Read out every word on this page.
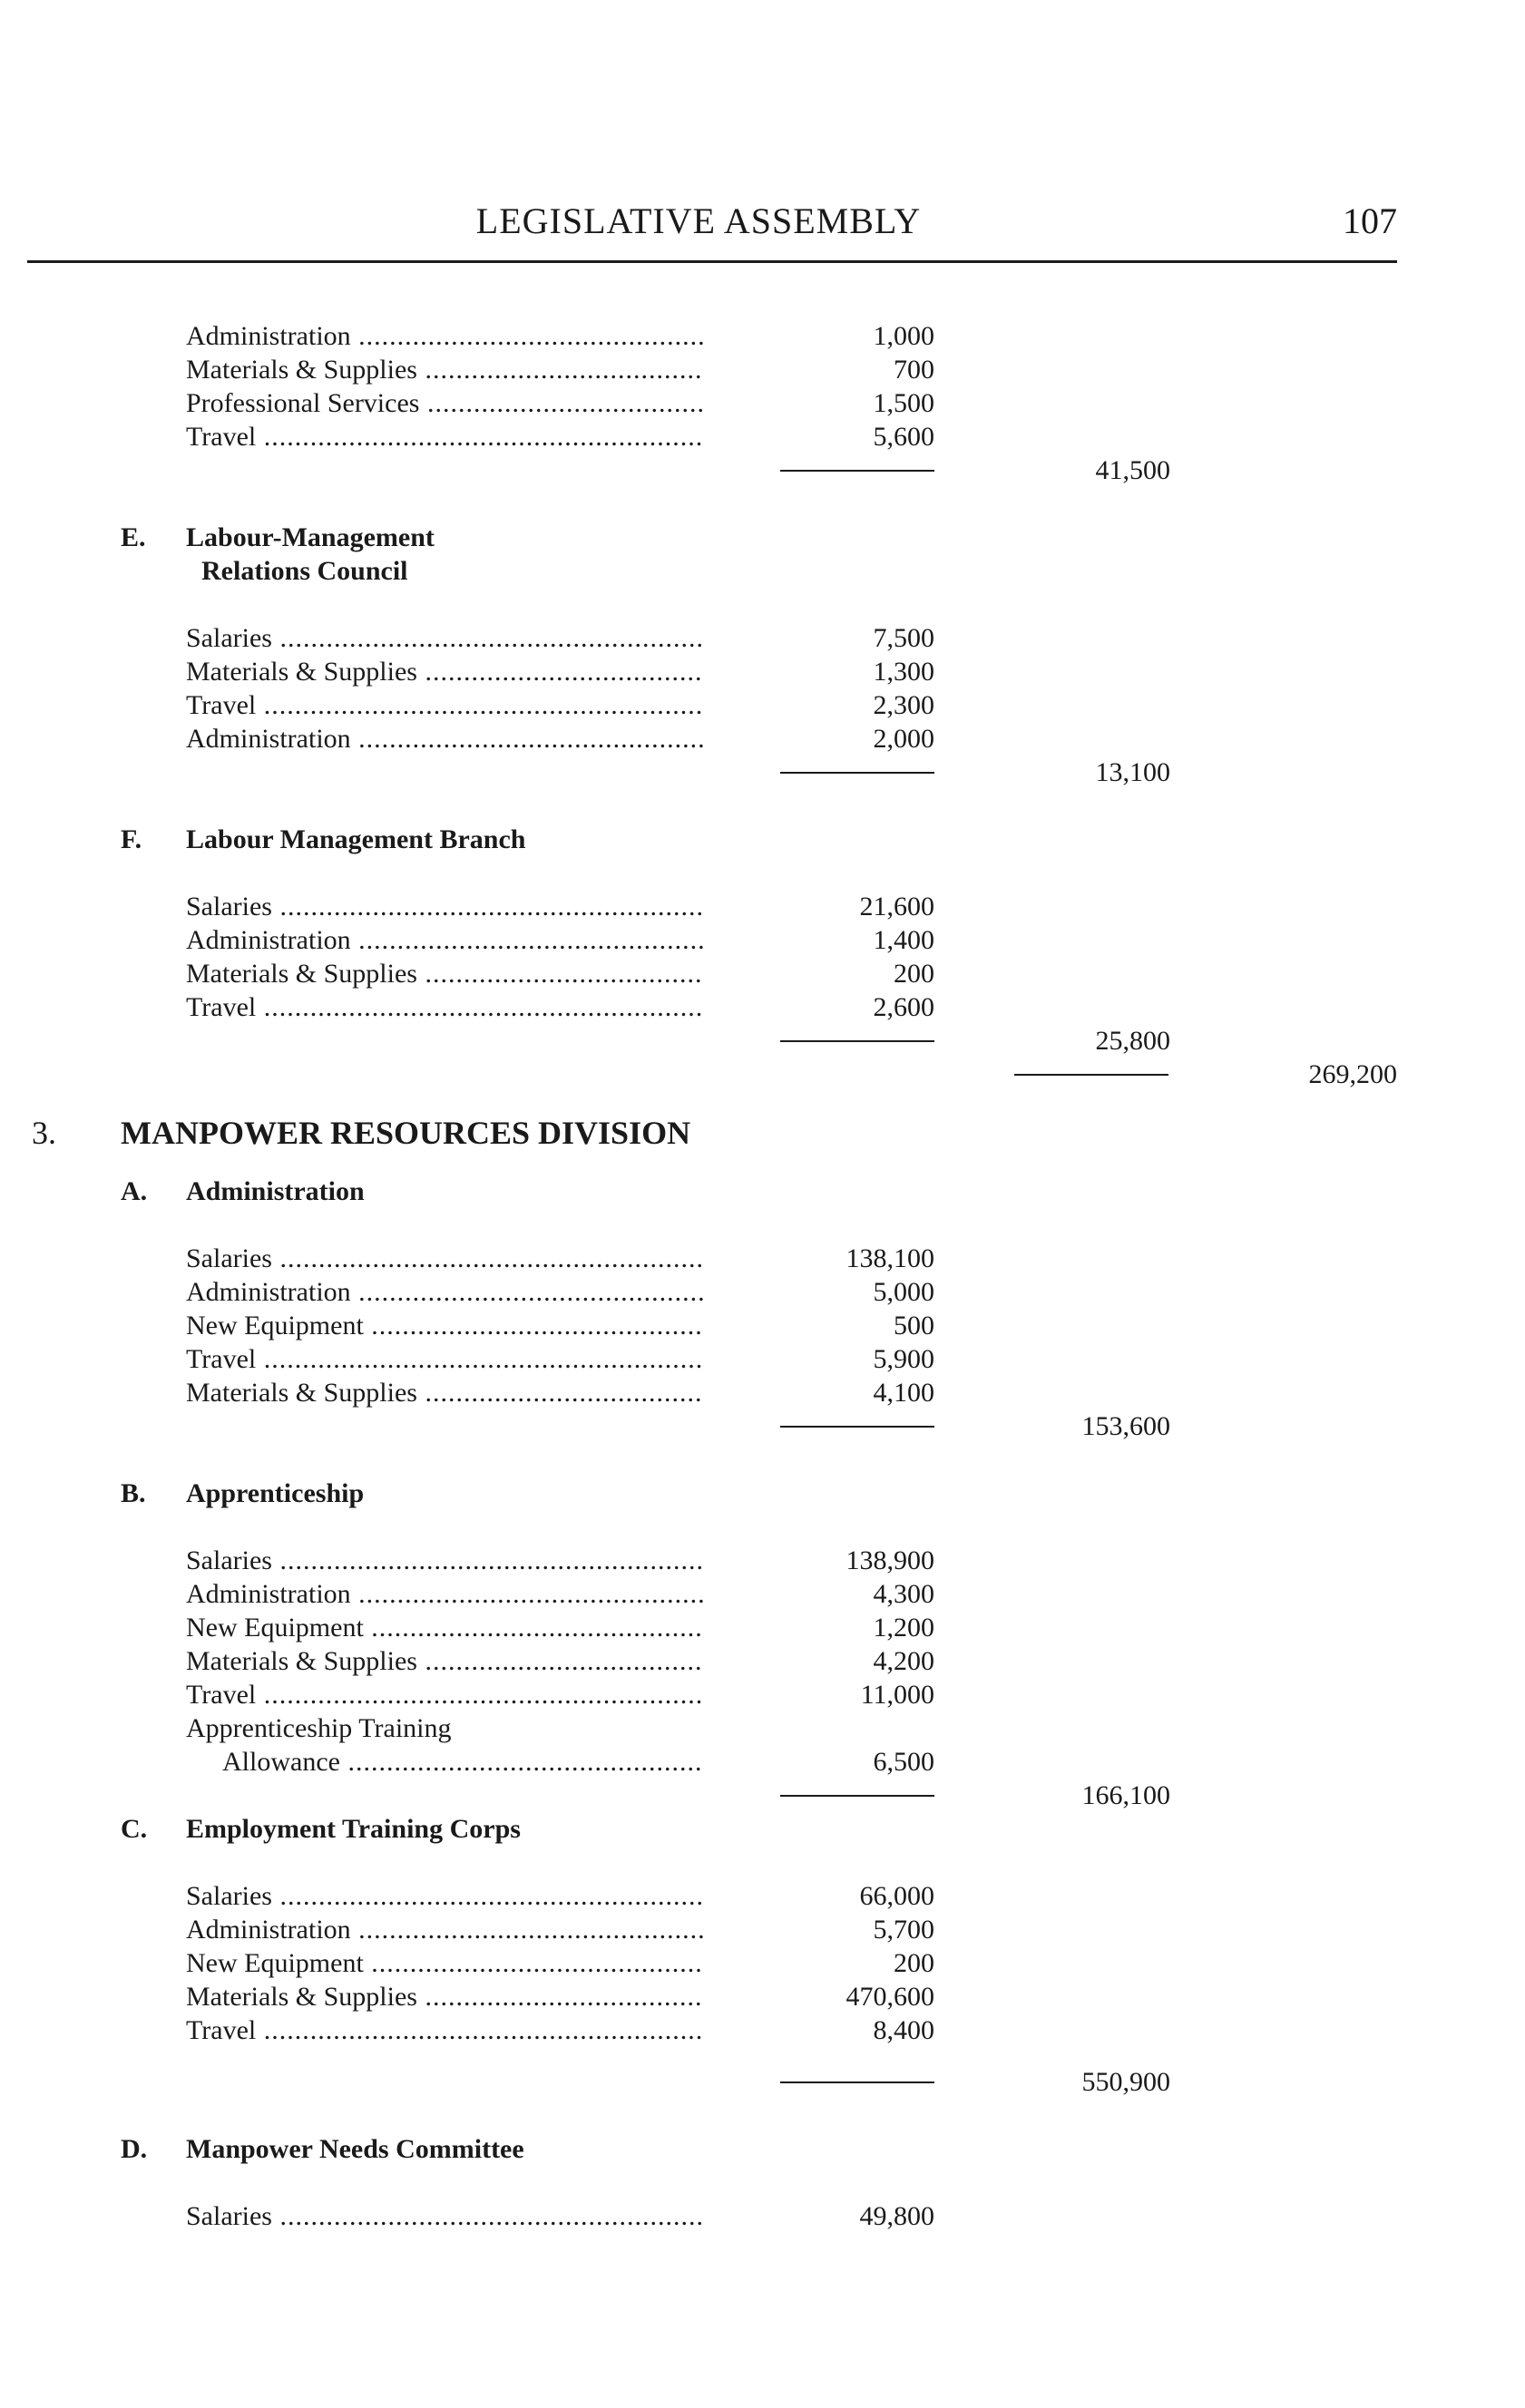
LEGISLATIVE ASSEMBLY	107
Administration .....	1,000
Materials & Supplies .....	700
Professional Services .....	1,500
Travel .....	5,600
41,500
E. Labour-Management
Relations Council
Salaries .....	7,500
Materials & Supplies .....	1,300
Travel .....	2,300
Administration .....	2,000
13,100
F. Labour Management Branch
Salaries .....	21,600
Administration .....	1,400
Materials & Supplies .....	200
Travel .....	2,600
25,800
269,200
3. MANPOWER RESOURCES DIVISION
A. Administration
Salaries .....	138,100
Administration .....	5,000
New Equipment .....	500
Travel .....	5,900
Materials & Supplies .....	4,100
153,600
B. Apprenticeship
Salaries .....	138,900
Administration .....	4,300
New Equipment .....	1,200
Materials & Supplies .....	4,200
Travel .....	11,000
Apprenticeship Training
Allowance .....	6,500
166,100
C. Employment Training Corps
Salaries .....	66,000
Administration .....	5,700
New Equipment .....	200
Materials & Supplies .....	470,600
Travel .....	8,400
550,900
D. Manpower Needs Committee
Salaries .....	49,800
